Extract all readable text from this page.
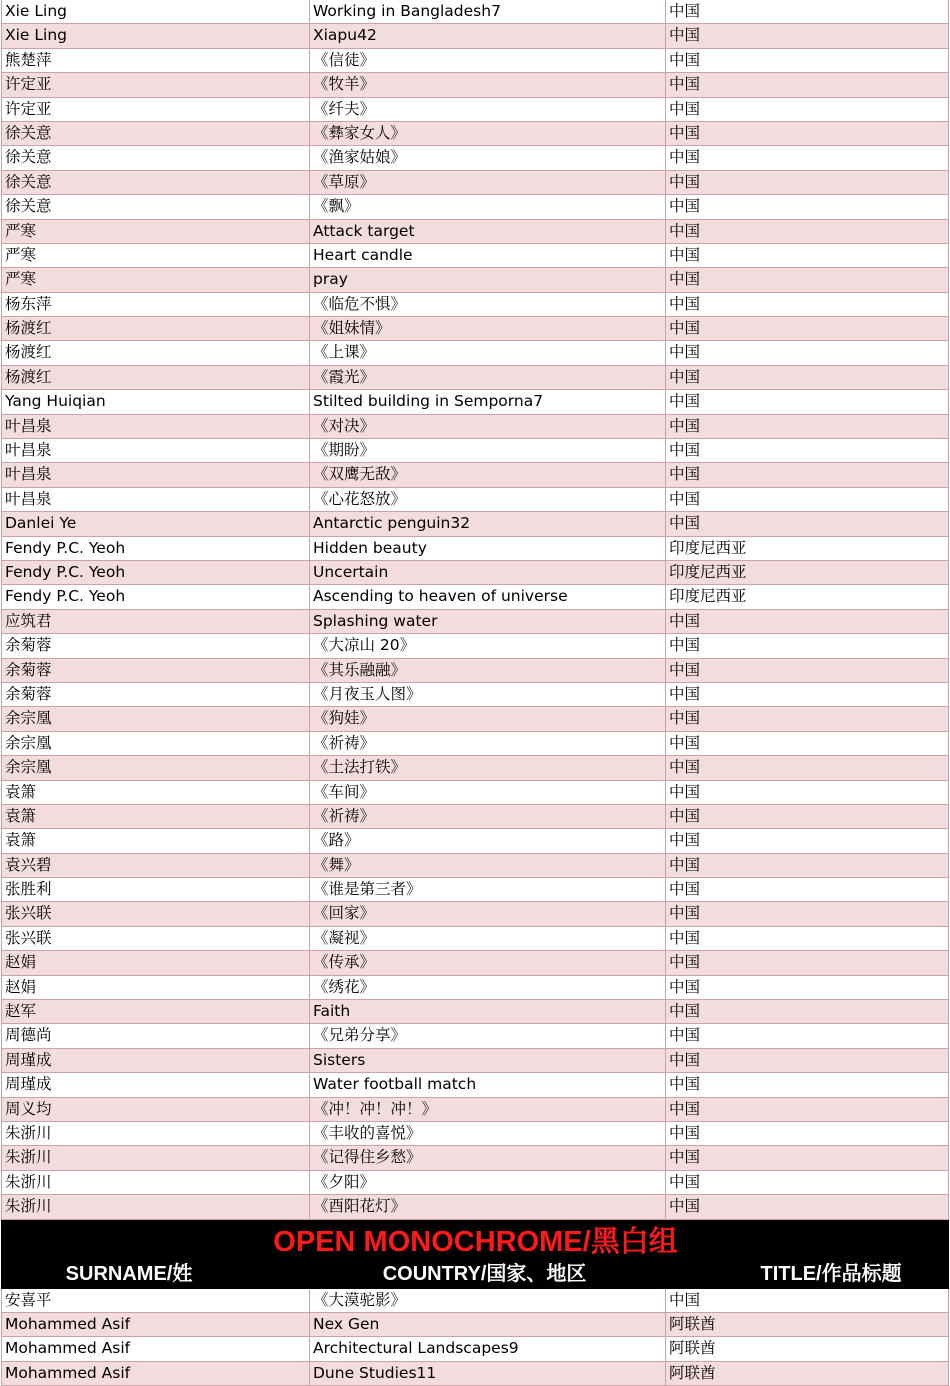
Xie Ling	Working in Bangladesh7	中国
Xie Ling	Xiapu42	中国
熊楚萍	《信徒》	中国
许定亚	《牧羊》	中国
许定亚	《纤夫》	中国
徐关意	《彝家女人》	中国
徐关意	《渔家姑娘》	中国
徐关意	《草原》	中国
徐关意	《飘》	中国
严寒	Attack target	中国
严寒	Heart candle	中国
严寒	pray	中国
杨东萍	《临危不惧》	中国
杨渡红	《姐妹情》	中国
杨渡红	《上课》	中国
杨渡红	《霞光》	中国
Yang Huiqian	Stilted building in Semporna7	中国
叶昌泉	《对决》	中国
叶昌泉	《期盼》	中国
叶昌泉	《双鹰无敌》	中国
叶昌泉	《心花怒放》	中国
Danlei Ye	Antarctic penguin32	中国
Fendy P.C. Yeoh	Hidden beauty	印度尼西亚
Fendy P.C. Yeoh	Uncertain	印度尼西亚
Fendy P.C. Yeoh	Ascending to heaven of universe	印度尼西亚
应筑君	Splashing water	中国
余菊蓉	《大凉山 20》	中国
余菊蓉	《其乐融融》	中国
余菊蓉	《月夜玉人图》	中国
余宗凰	《狗娃》	中国
余宗凰	《祈祷》	中国
余宗凰	《土法打铁》	中国
袁箫	《车间》	中国
袁箫	《祈祷》	中国
袁箫	《路》	中国
袁兴碧	《舞》	中国
张胜利	《谁是第三者》	中国
张兴联	《回家》	中国
张兴联	《凝视》	中国
赵娟	《传承》	中国
赵娟	《绣花》	中国
赵军	Faith	中国
周德尚	《兄弟分享》	中国
周瑾成	Sisters	中国
周瑾成	Water football match	中国
周义均	《冲！冲！冲！》	中国
朱浙川	《丰收的喜悦》	中国
朱浙川	《记得住乡愁》	中国
朱浙川	《夕阳》	中国
朱浙川	《酉阳花灯》	中国
OPEN MONOCHROME/黑白组
SURNAME/姓	COUNTRY/国家、地区	TITLE/作品标题
安喜平	《大漠驼影》	中国
Mohammed Asif	Nex Gen	阿联酋
Mohammed Asif	Architectural Landscapes9	阿联酋
Mohammed Asif	Dune Studies11	阿联酋
